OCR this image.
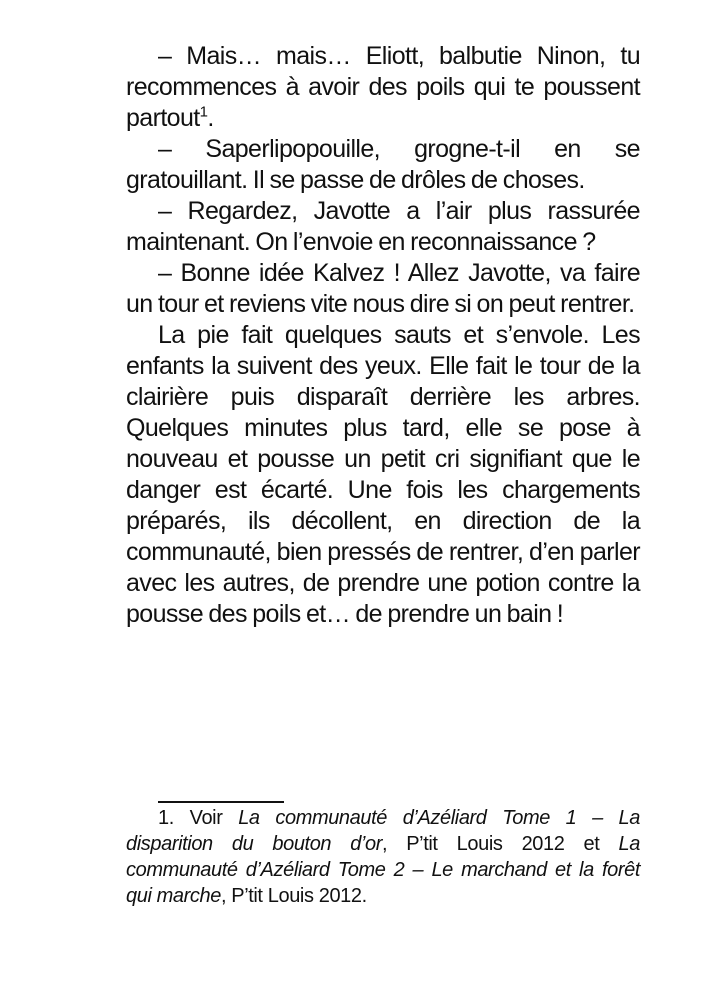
– Mais… mais… Eliott, balbutie Ninon, tu recommences à avoir des poils qui te poussent partout$^1$.

– Saperlipopouille, grogne-t-il en se gratouillant. Il se passe de drôles de choses.

– Regardez, Javotte a l’air plus rassurée maintenant. On l’envoie en reconnaissance ?

– Bonne idée Kalvez ! Allez Javotte, va faire un tour et reviens vite nous dire si on peut rentrer.

La pie fait quelques sauts et s’envole. Les enfants la suivent des yeux. Elle fait le tour de la clairière puis disparaît derrière les arbres. Quelques minutes plus tard, elle se pose à nouveau et pousse un petit cri signifiant que le danger est écarté. Une fois les chargements préparés, ils décollent, en direction de la communauté, bien pressés de rentrer, d’en parler avec les autres, de prendre une potion contre la pousse des poils et… de prendre un bain !

1. Voir La communauté d’Azéliard Tome 1 – La disparition du bouton d’or, P’tit Louis 2012 et La communauté d’Azéliard Tome 2 – Le marchand et la forêt qui marche, P’tit Louis 2012.
